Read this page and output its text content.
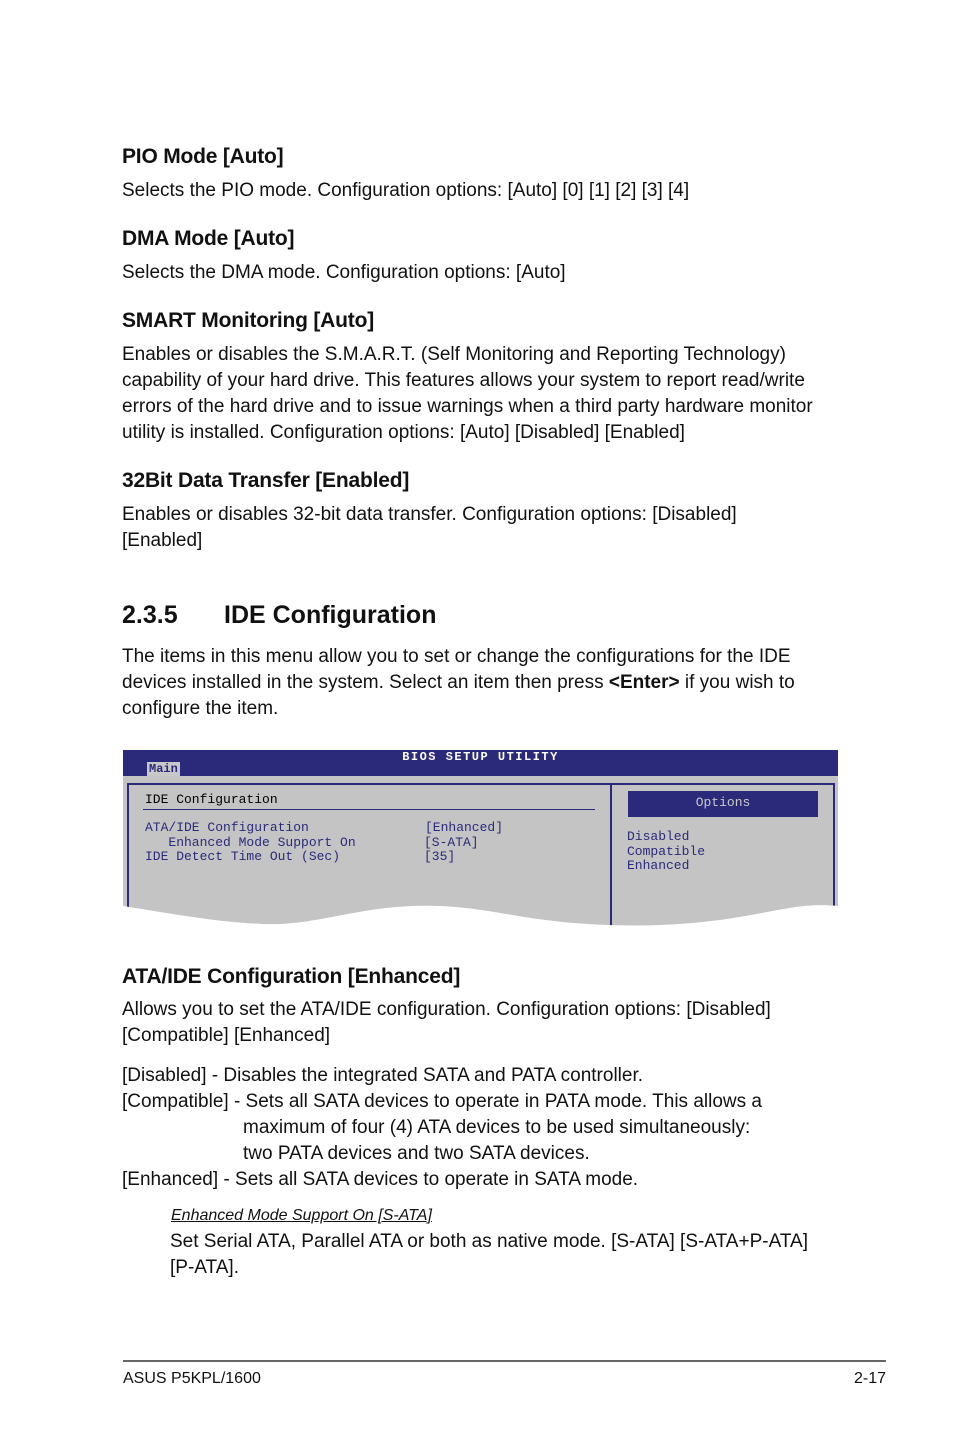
PIO Mode [Auto]
Selects the PIO mode. Configuration options: [Auto] [0] [1] [2] [3] [4]
DMA Mode [Auto]
Selects the DMA mode. Configuration options: [Auto]
SMART Monitoring [Auto]
Enables or disables the S.M.A.R.T. (Self Monitoring and Reporting Technology)
capability of your hard drive. This features allows your system to report read/write
errors of the hard drive and to issue warnings when a third party hardware monitor
utility is installed. Configuration options: [Auto] [Disabled] [Enabled]
32Bit Data Transfer [Enabled]
Enables or disables 32-bit data transfer. Configuration options: [Disabled]
[Enabled]
2.3.5 IDE Configuration
The items in this menu allow you to set or change the configurations for the IDE
devices installed in the system. Select an item then press <Enter> if you wish to
configure the item.
BIOS SETUP UTILITY
Main
IDE Configuration
ATA/IDE Configuration	[Enhanced]
Enhanced Mode Support On	[S-ATA]
IDE Detect Time Out (Sec)	[35]
Options
Disabled
Compatible
Enhanced
ATA/IDE Configuration [Enhanced]
Allows you to set the ATA/IDE configuration. Configuration options: [Disabled]
[Compatible] [Enhanced]
[Disabled] - Disables the integrated SATA and PATA controller.
[Compatible] - Sets all SATA devices to operate in PATA mode. This allows a
maximum of four (4) ATA devices to be used simultaneously:
two PATA devices and two SATA devices.
[Enhanced] - Sets all SATA devices to operate in SATA mode.
Enhanced Mode Support On [S-ATA]
Set Serial ATA, Parallel ATA or both as native mode. [S-ATA] [S-ATA+P-ATA]
[P-ATA].
ASUS P5KPL/1600	2-17
